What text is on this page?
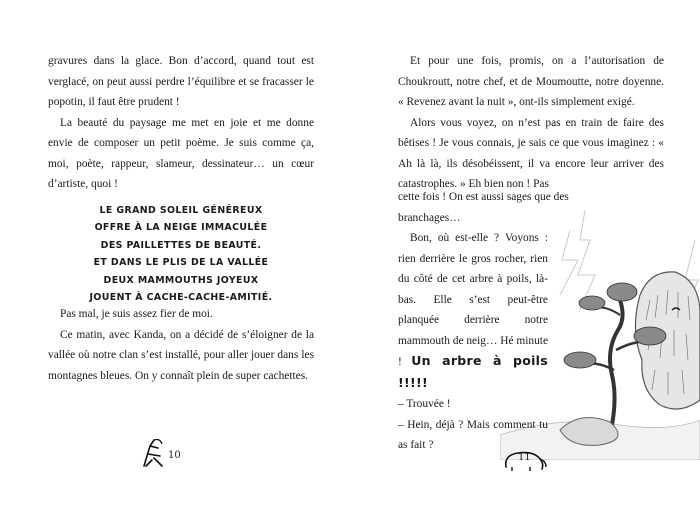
gravures dans la glace. Bon d’accord, quand tout est verglacé, on peut aussi perdre l’équilibre et se fracasser le popotin, il faut être prudent !

La beauté du paysage me met en joie et me donne envie de composer un petit poème. Je suis comme ça, moi, poète, rappeur, slameur, dessinateur… un cœur d’artiste, quoi !

LE GRAND SOLEIL GÉNÉREUX
OFFRE À LA NEIGE IMMACULÉE
DES PAILLETTES DE BEAUTÉ.
ET DANS LE PLIS DE LA VALLÉE
DEUX MAMMOUTHS JOYEUX
JOUENT À CACHE-CACHE-AMITIÉ.

Pas mal, je suis assez fier de moi.

Ce matin, avec Kanda, on a décidé de s’éloigner de la vallée où notre clan s’est installé, pour aller jouer dans les montagnes bleues. On y connaît plein de super cachettes.

10

Et pour une fois, promis, on a l’autorisation de Choukroutt, notre chef, et de Moumoutte, notre doyenne. « Revenez avant la nuit », ont-ils simplement exigé.

Alors vous voyez, on n’est pas en train de faire des bêtises ! Je vous connais, je sais ce que vous imaginez : « Ah là là, ils désobéissent, il va encore leur arriver des catastrophes. » Eh bien non ! Pas

cette fois ! On est aussi sages que des

branchages…

Bon, où est-elle ? Voyons : rien derrière le gros rocher, rien du côté de cet arbre à poils, là-bas. Elle s’est peut-être planquée derrière notre mammouth de neig… Hé minute ! Un arbre à poils !!!!!

– Trouvée !

– Hein, déjà ? Mais comment tu as fait ?

11
